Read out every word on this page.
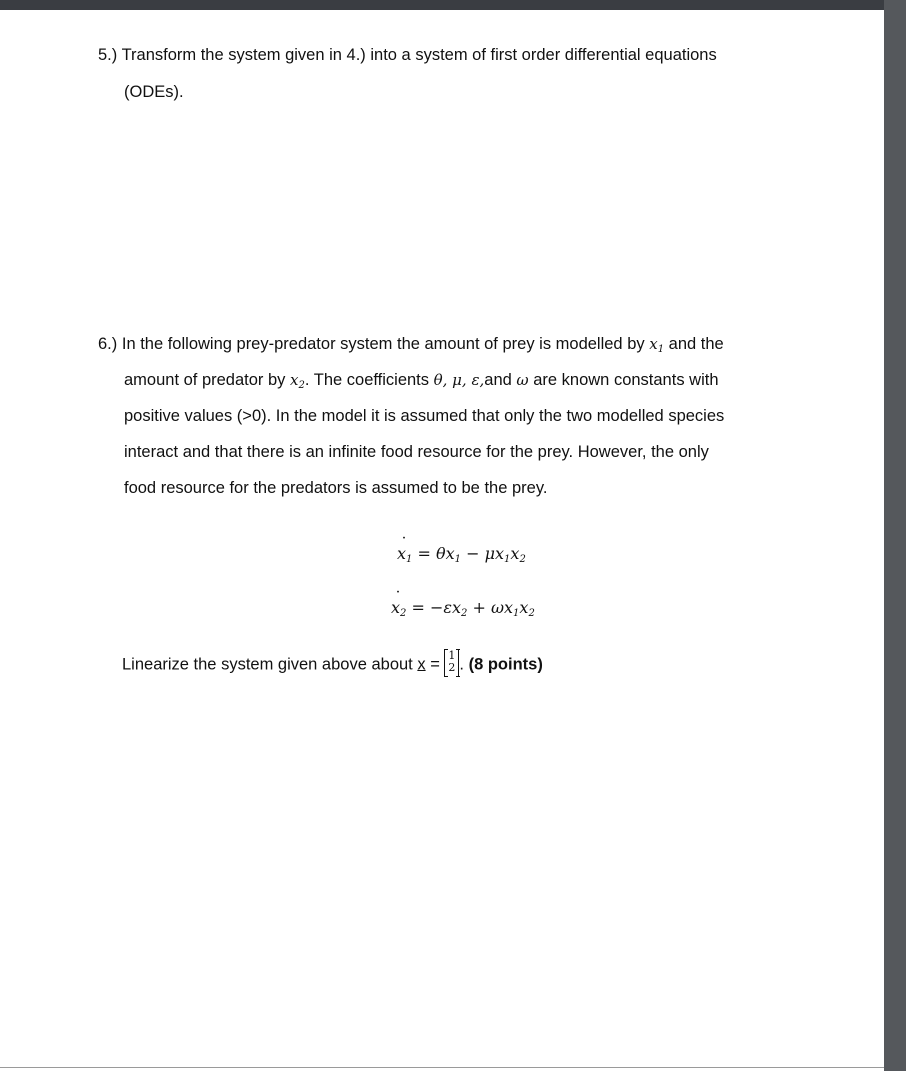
5.) Transform the system given in 4.) into a system of first order differential equations
(ODEs).
6.) In the following prey-predator system the amount of prey is modelled by $x_1$ and the
amount of predator by $x_2$. The coefficients θ, μ, ε,and ω are known constants with
positive values (>0). In the model it is assumed that only the two modelled species
interact and that there is an infinite food resource for the prey. However, the only
food resource for the predators is assumed to be the prey.
˙ $x_1 = \theta x_1 - \mu x_1x_2$
˙ $x_2 = -\varepsilon x_2 + \omega x_1x_2$
Linearize the system given above about x = 1
2 . (8 points)
